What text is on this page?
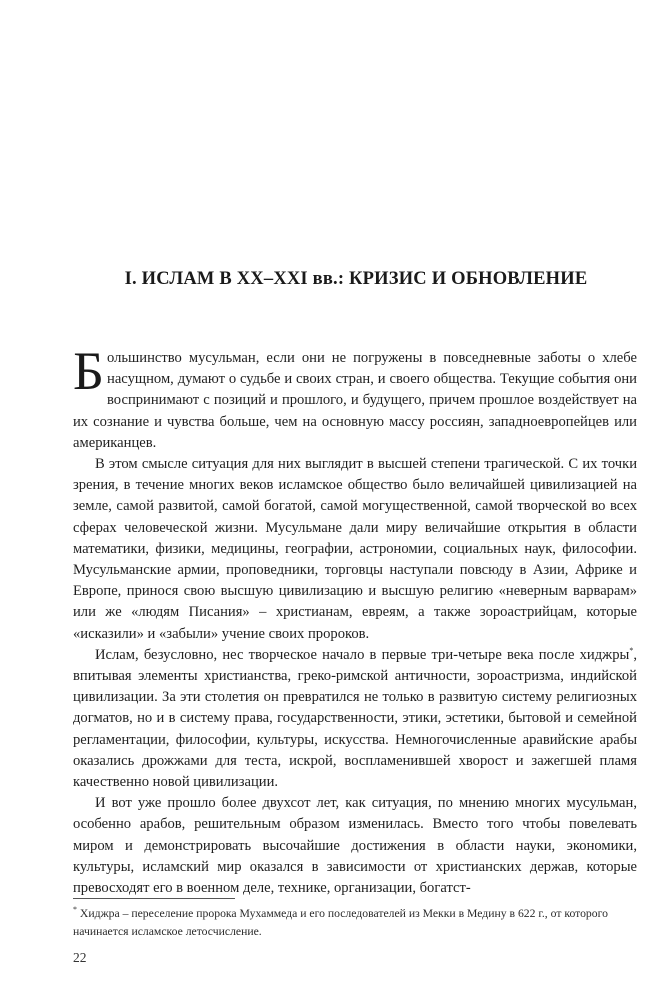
I. ИСЛАМ В XX–XXI вв.: КРИЗИС И ОБНОВЛЕНИЕ

Большинство мусульман, если они не погружены в повседневные заботы о хлебе насущном, думают о судьбе и своих стран, и своего общества. Текущие события они воспринимают с позиций и прошлого, и будущего, причем прошлое воздействует на их сознание и чувства больше, чем на основную массу россиян, западноевропейцев или американцев.

В этом смысле ситуация для них выглядит в высшей степени трагической. С их точки зрения, в течение многих веков исламское общество было величайшей цивилизацией на земле, самой развитой, самой богатой, самой могущественной, самой творческой во всех сферах человеческой жизни. Мусульмане дали миру величайшие открытия в области математики, физики, медицины, географии, астрономии, социальных наук, философии. Мусульманские армии, проповедники, торговцы наступали повсюду в Азии, Африке и Европе, принося свою высшую цивилизацию и высшую религию «неверным варварам» или же «людям Писания» – христианам, евреям, а также зороастрийцам, которые «исказили» и «забыли» учение своих пророков.

Ислам, безусловно, нес творческое начало в первые три-четыре века после хиджры*, впитывая элементы христианства, греко-римской античности, зороастризма, индийской цивилизации. За эти столетия он превратился не только в развитую систему религиозных догматов, но и в систему права, государственности, этики, эстетики, бытовой и семейной регламентации, философии, культуры, искусства. Немногочисленные аравийские арабы оказались дрожжами для теста, искрой, воспламенившей хворост и зажегшей пламя качественно новой цивилизации.

И вот уже прошло более двухсот лет, как ситуация, по мнению многих мусульман, особенно арабов, решительным образом изменилась. Вместо того чтобы повелевать миром и демонстрировать высочайшие достижения в области науки, экономики, культуры, исламский мир оказался в зависимости от христианских держав, которые превосходят его в военном деле, технике, организации, богатст-

* Хиджра – переселение пророка Мухаммеда и его последователей из Мекки в Медину в 622 г., от которого начинается исламское летосчисление.
22
